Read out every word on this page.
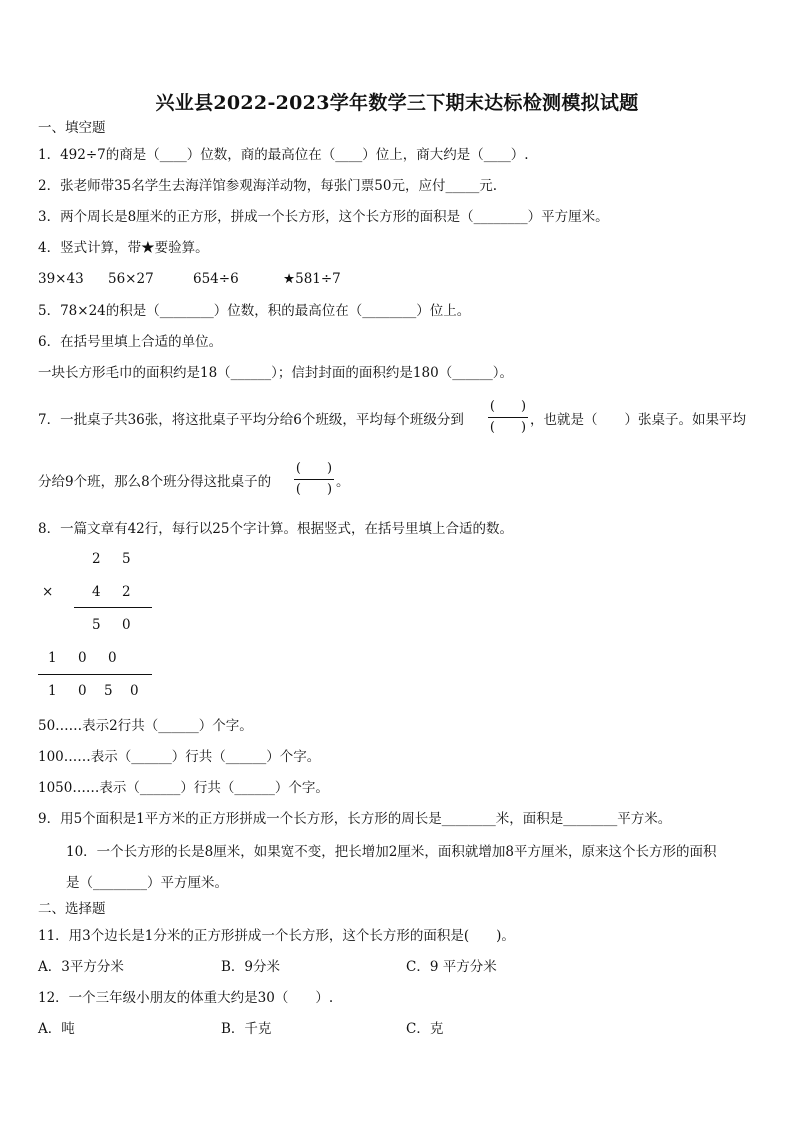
兴业县2022-2023学年数学三下期末达标检测模拟试题
一、填空题
1．492÷7的商是（____）位数，商的最高位在（____）位上，商大约是（____）.
2．张老师带35名学生去海洋馆参观海洋动物，每张门票50元，应付_____元.
3．两个周长是8厘米的正方形，拼成一个长方形，这个长方形的面积是（________）平方厘米。
4．竖式计算，带★要验算。
39×43 56×27	654÷6	★581÷7
5．78×24的积是（________）位数，积的最高位在（________）位上。
6．在括号里填上合适的单位。
一块长方形毛巾的面积约是18（______）；信封封面的面积约是180（______）。
7．一批桌子共36张，将这批桌子平均分给6个班级，平均每个班级分到
(　　)
(　　) ，也就是（　　）张桌子。如果平均
分给9个班，那么8个班分得这批桌子的
(　　)
(　　) 。
8．一篇文章有42行，每行以25个字计算。根据竖式，在括号里填上合适的数。
2 5
×	4 2
5 0
1 0 0
1 0 5 0
50……表示2行共（______）个字。
100……表示（______）行共（______）个字。
1050……表示（______）行共（______）个字。
9．用5个面积是1平方米的正方形拼成一个长方形，长方形的周长是________米，面积是________平方米。
10．一个长方形的长是8厘米，如果宽不变，把长增加2厘米，面积就增加8平方厘米，原来这个长方形的面积
是（________）平方厘米。
二、选择题
11．用3个边长是1分米的正方形拼成一个长方形，这个长方形的面积是(　　)。
A．3平方分米	B．9分米	C．9 平方分米
12．一个三年级小朋友的体重大约是30（　　）.
A．吨	B．千克	C．克
